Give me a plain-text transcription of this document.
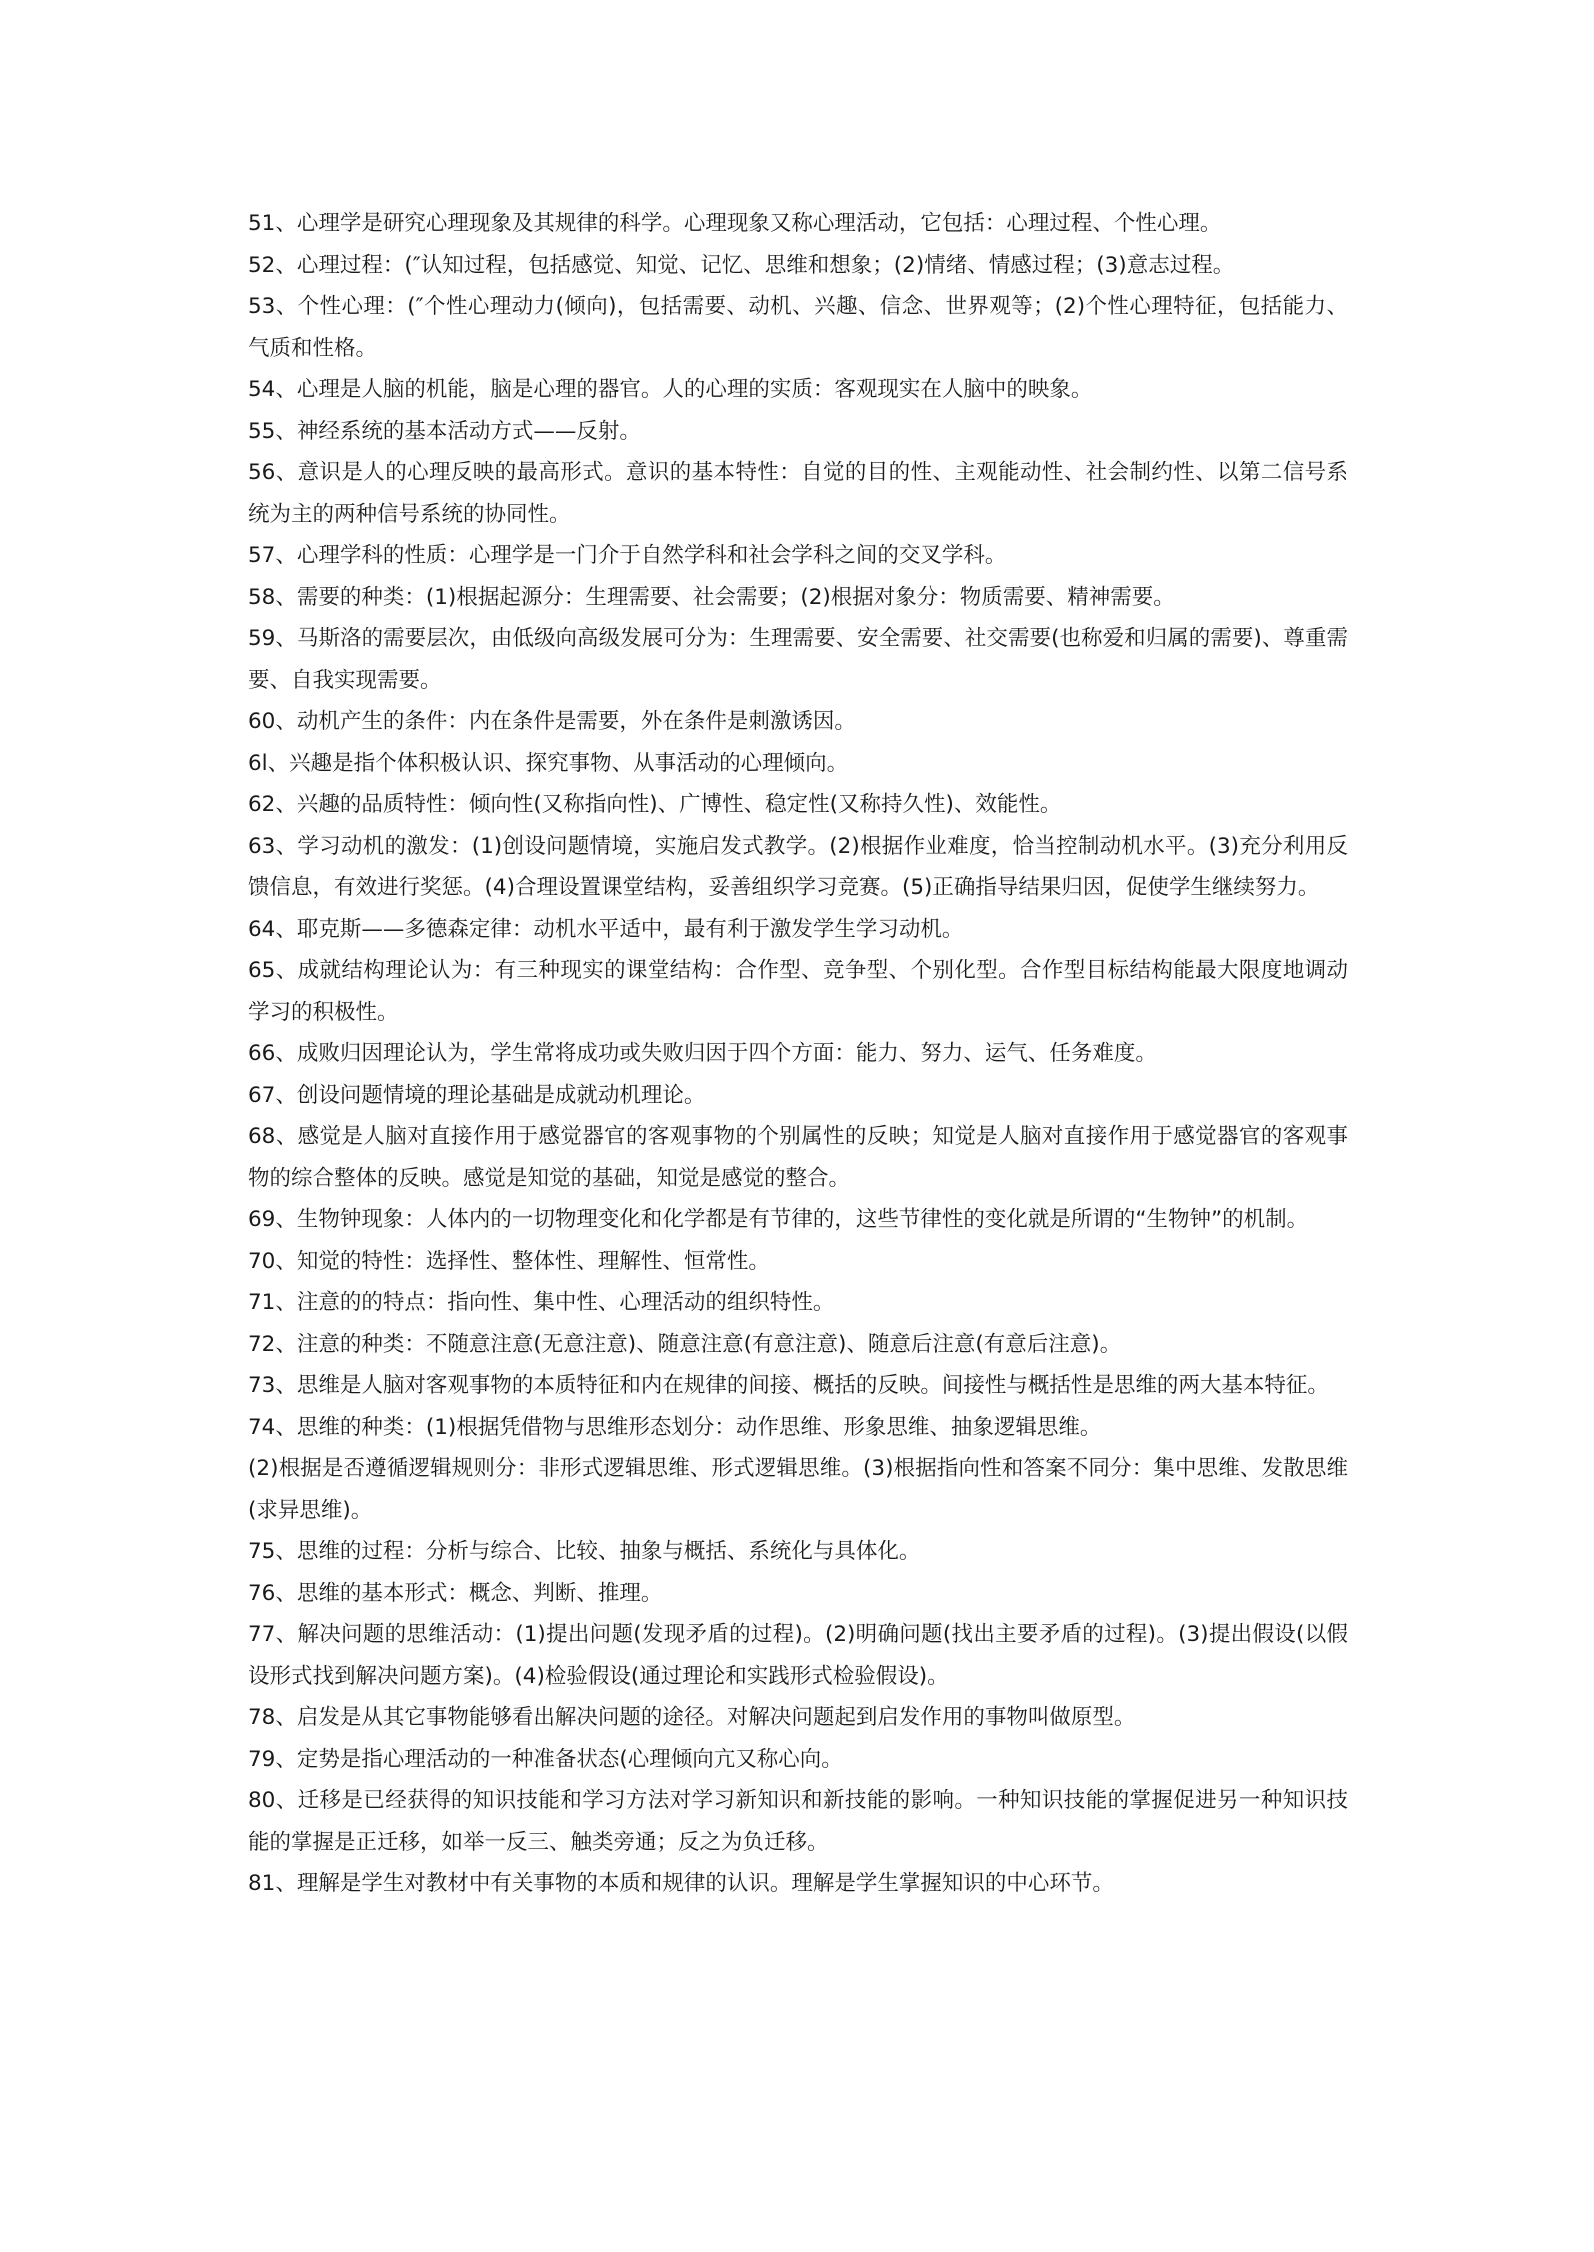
51、心理学是研究心理现象及其规律的科学。心理现象又称心理活动，它包括：心理过程、个性心理。

52、心理过程：(″认知过程，包括感觉、知觉、记忆、思维和想象；(2)情绪、情感过程；(3)意志过程。

53、个性心理：(″个性心理动力(倾向)，包括需要、动机、兴趣、信念、世界观等；(2)个性心理特征，包括能力、气质和性格。

54、心理是人脑的机能，脑是心理的器官。人的心理的实质：客观现实在人脑中的映象。

55、神经系统的基本活动方式——反射。

56、意识是人的心理反映的最高形式。意识的基本特性：自觉的目的性、主观能动性、社会制约性、以第二信号系统为主的两种信号系统的协同性。

57、心理学科的性质：心理学是一门介于自然学科和社会学科之间的交叉学科。

58、需要的种类：(1)根据起源分：生理需要、社会需要；(2)根据对象分：物质需要、精神需要。

59、马斯洛的需要层次，由低级向高级发展可分为：生理需要、安全需要、社交需要(也称爱和归属的需要)、尊重需要、自我实现需要。

60、动机产生的条件：内在条件是需要，外在条件是刺激诱因。

6l、兴趣是指个体积极认识、探究事物、从事活动的心理倾向。

62、兴趣的品质特性：倾向性(又称指向性)、广博性、稳定性(又称持久性)、效能性。

63、学习动机的激发：(1)创设问题情境，实施启发式教学。(2)根据作业难度，恰当控制动机水平。(3)充分利用反馈信息，有效进行奖惩。(4)合理设置课堂结构，妥善组织学习竞赛。(5)正确指导结果归因，促使学生继续努力。

64、耶克斯——多德森定律：动机水平适中，最有利于激发学生学习动机。

65、成就结构理论认为：有三种现实的课堂结构：合作型、竞争型、个别化型。合作型目标结构能最大限度地调动学习的积极性。

66、成败归因理论认为，学生常将成功或失败归因于四个方面：能力、努力、运气、任务难度。

67、创设问题情境的理论基础是成就动机理论。

68、感觉是人脑对直接作用于感觉器官的客观事物的个别属性的反映；知觉是人脑对直接作用于感觉器官的客观事物的综合整体的反映。感觉是知觉的基础，知觉是感觉的整合。

69、生物钟现象：人体内的一切物理变化和化学都是有节律的，这些节律性的变化就是所谓的“生物钟”的机制。

70、知觉的特性：选择性、整体性、理解性、恒常性。

71、注意的的特点：指向性、集中性、心理活动的组织特性。

72、注意的种类：不随意注意(无意注意)、随意注意(有意注意)、随意后注意(有意后注意)。

73、思维是人脑对客观事物的本质特征和内在规律的间接、概括的反映。间接性与概括性是思维的两大基本特征。

74、思维的种类：(1)根据凭借物与思维形态划分：动作思维、形象思维、抽象逻辑思维。

(2)根据是否遵循逻辑规则分：非形式逻辑思维、形式逻辑思维。(3)根据指向性和答案不同分：集中思维、发散思维(求异思维)。

75、思维的过程：分析与综合、比较、抽象与概括、系统化与具体化。

76、思维的基本形式：概念、判断、推理。

77、解决问题的思维活动：(1)提出问题(发现矛盾的过程)。(2)明确问题(找出主要矛盾的过程)。(3)提出假设(以假设形式找到解决问题方案)。(4)检验假设(通过理论和实践形式检验假设)。

78、启发是从其它事物能够看出解决问题的途径。对解决问题起到启发作用的事物叫做原型。

79、定势是指心理活动的一种准备状态(心理倾向亢又称心向。

80、迁移是已经获得的知识技能和学习方法对学习新知识和新技能的影响。一种知识技能的掌握促进另一种知识技能的掌握是正迁移，如举一反三、触类旁通；反之为负迁移。

81、理解是学生对教材中有关事物的本质和规律的认识。理解是学生掌握知识的中心环节。
